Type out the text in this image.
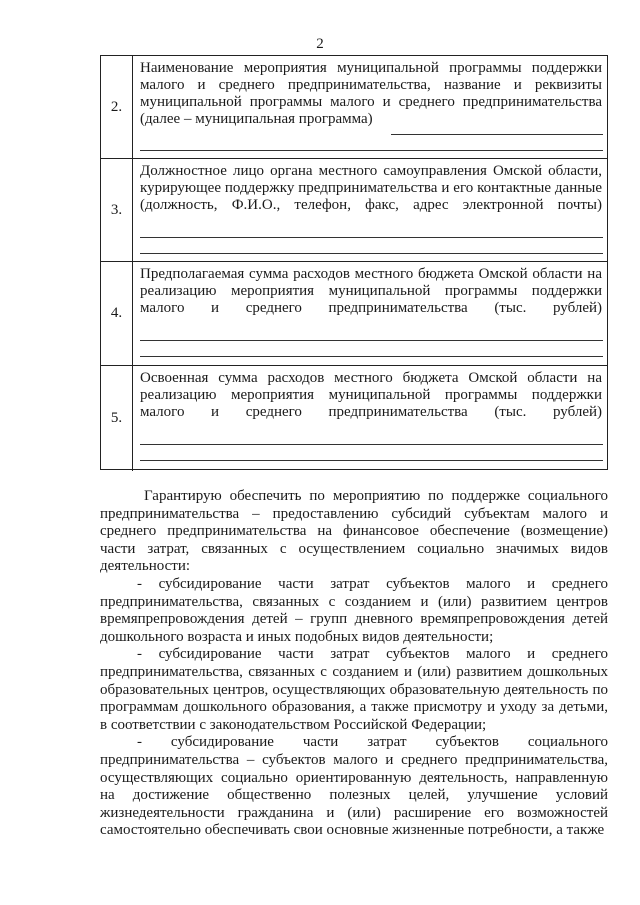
2
2.
Наименование мероприятия муниципальной программы поддержки малого и среднего предпринимательства, название и реквизиты муниципальной программы малого и среднего предпринимательства (далее – муниципальная программа)
3.
Должностное лицо органа местного самоуправления Омской области, курирующее поддержку предпринимательства и его контактные данные (должность, Ф.И.О., телефон, факс, адрес электронной почты)
4.
Предполагаемая сумма расходов местного бюджета Омской области на реализацию мероприятия муниципальной программы поддержки малого и среднего предпринимательства (тыс. рублей)
5.
Освоенная сумма расходов местного бюджета Омской области на реализацию мероприятия муниципальной программы поддержки малого и среднего предпринимательства (тыс. рублей)

Гарантирую обеспечить по мероприятию по поддержке социального предпринимательства – предоставлению субсидий субъектам малого и среднего предпринимательства на финансовое обеспечение (возмещение) части затрат, связанных с осуществлением социально значимых видов деятельности:

- субсидирование части затрат субъектов малого и среднего предпринимательства, связанных с созданием и (или) развитием центров времяпрепровождения детей – групп дневного времяпрепровождения детей дошкольного возраста и иных подобных видов деятельности;

- субсидирование части затрат субъектов малого и среднего предпринимательства, связанных с созданием и (или) развитием дошкольных образовательных центров, осуществляющих образовательную деятельность по программам дошкольного образования, а также присмотру и уходу за детьми, в соответствии с законодательством Российской Федерации;

- субсидирование части затрат субъектов социального предпринимательства – субъектов малого и среднего предпринимательства, осуществляющих социально ориентированную деятельность, направленную на достижение общественно полезных целей, улучшение условий жизнедеятельности гражданина и (или) расширение его возможностей самостоятельно обеспечивать свои основные жизненные потребности, а также
